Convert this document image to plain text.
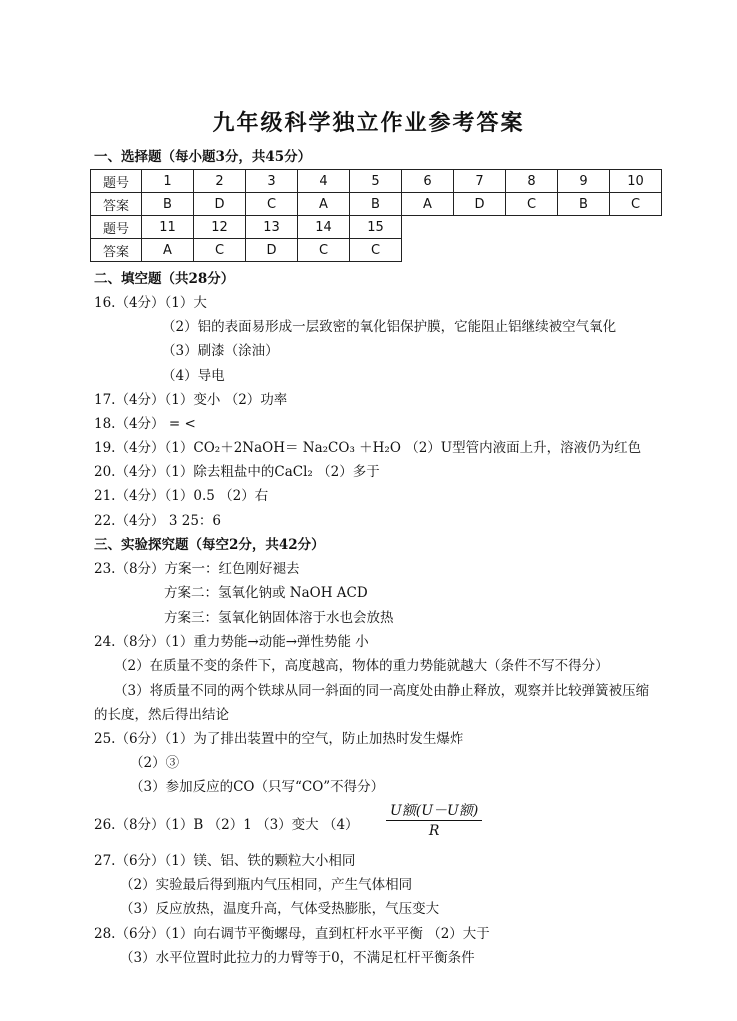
九年级科学独立作业参考答案
一、选择题（每小题3分，共45分）
题号	1	2	3	4	5	6	7	8	9	10
答案	B	D	C	A	B	A	D	C	B	C
题号	11	12	13	14	15					
答案	A	C	D	C	C					
二、填空题（共28分）
16.（4分）（1）大
（2）铝的表面易形成一层致密的氧化铝保护膜，它能阻止铝继续被空气氧化
（3）刷漆（涂油）
（4）导电
17.（4分）（1）变小 （2）功率
18.（4分） = <
19.（4分）（1）CO₂＋2NaOH＝ Na₂CO₃ ＋H₂O （2）U型管内液面上升，溶液仍为红色
20.（4分）（1）除去粗盐中的CaCl₂ （2）多于
21.（4分）（1）0.5 （2）右
22.（4分） 3 25：6
三、实验探究题（每空2分，共42分）
23.（8分）方案一：红色刚好褪去
方案二：氢氧化钠或 NaOH ACD
方案三：氢氧化钠固体溶于水也会放热
24.（8分）（1）重力势能→动能→弹性势能 小
（2）在质量不变的条件下，高度越高，物体的重力势能就越大（条件不写不得分）
（3）将质量不同的两个铁球从同一斜面的同一高度处由静止释放，观察并比较弹簧被压缩
的长度，然后得出结论
25.（6分）（1）为了排出装置中的空气，防止加热时发生爆炸
（2）③
（3）参加反应的CO（只写“CO”不得分）
26.（8分）（1）B （2）1 （3）变大 （4）
U额(U－U额)
R
27.（6分）（1）镁、铝、铁的颗粒大小相同
（2）实验最后得到瓶内气压相同，产生气体相同
（3）反应放热，温度升高，气体受热膨胀，气压变大
28.（6分）（1）向右调节平衡螺母，直到杠杆水平平衡 （2）大于
（3）水平位置时此拉力的力臂等于0，不满足杠杆平衡条件
